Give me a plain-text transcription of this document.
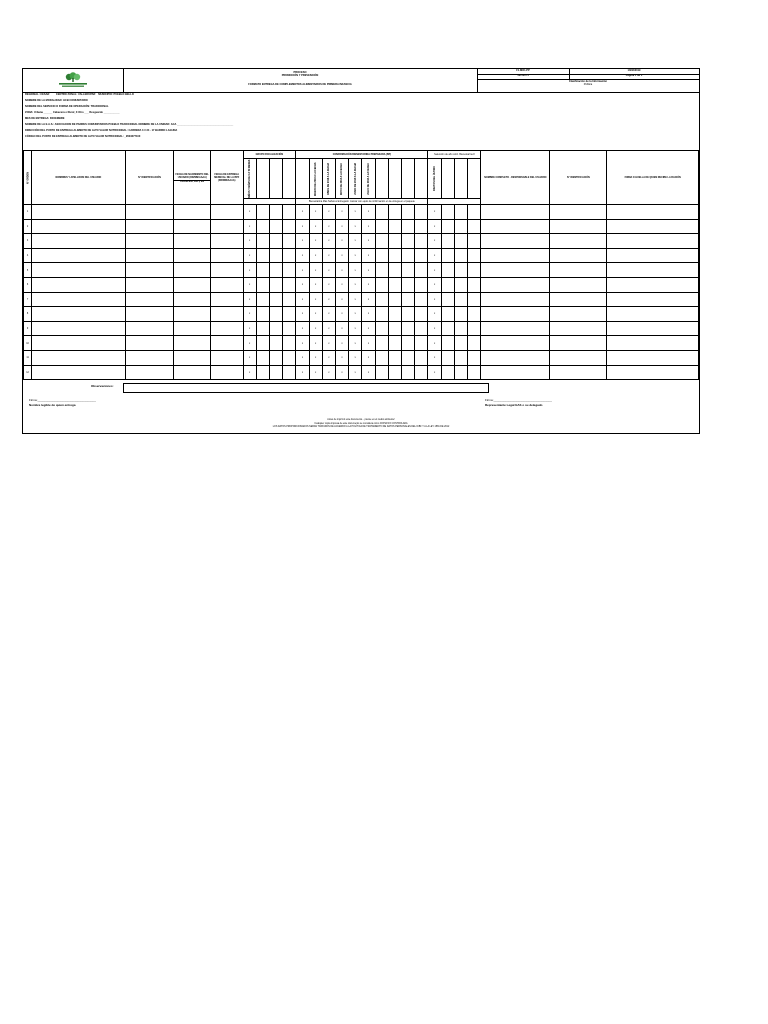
PROCESO
PROMOCIÓN Y PREVENCIÓN
FORMATO ENTREGA DE COMPLEMENTOS ALIMENTARIOS DE PRIMERA INFANCIA
F1.MO1.PP	13/02/2019
Versión 4	Página 1 de 1
Clasificación de la Información
Pública
REGIONAL: CESAR	CENTRO ZONAL: VALLEDUPAR MUNICIPIO: PUEBLO BELLO
NOMBRE DE LA MODALIDAD: HCB COMUNITARIO
NOMBRE DEL SERVICIO O FORMA DE OPERACIÓN: TRADICIONAL
ZONA: Urbana ______ Cabecera o Rural_X Otro ___ Resguardo ___________
MES DE ENTREGA: DICIEMBRE
NOMBRE DE LA E.A.S.: ASOCIACION DE PADRES COMUNITARIOS PUEBLO TRADICIONAL NOMBRE DE LA UNIDAD: ACA _______________________________________
DIRECCIÓN DEL PUNTO DE ENTREGA ALIMENTO DE ALTO VALOR NUTRICIONAL: CARRERA 3 # 34 - 17 BARRIO LAGUNA
CÓDIGO DEL PUNTO DE ENTREGA ALIMENTO DE ALTO VALOR NUTRICIONAL: _2603377100
N° ORDEN	NOMBRES Y APELLIDOS DEL USUARIO	N° IDENTIFICACIÓN	FECHA DE NACIMIENTO DEL USUARIO (DD/MM/AAAA)
Escriba año, mes y día	FECHA DE ENTREGA MENSUAL DE LA BPF (DD/MM/AAAA)	GRUPO FOCALIZACIÓN				CONFIRMACIÓN BIENESTARINA PREPARADA (BP)										Selección de año cotiz. Bienestarina #				NOMBRE COMPLETO - RESPONSABLE DEL USUARIO	N° IDENTIFICACIÓN	FIRMA O HUELLA DE QUIEN RECIBE LA RACIÓN
					NIÑOS Y NIÑAS DE 6 A 59 MESES					MARZO DE 2018 A LA FECHA	ABRIL DE 2018 A LA FECHA	MAYO DE 2018 A LA FECHA	JUNIO DE 2018 A LA FECHA	JULIO DE 2018 A LA FECHA					DIGITOS DEL ÚLTIMO						
									Bienestarina Mas Sabores Entregado: marcar con equis la confirmación en la entrega en el paquete																
1					x				x	x	x	x	x	x					x						
2					x				x	x	x	x	x	x					x						
3					x				x	x	x	x	x	x					x						
4					x				x	x	x	x	x	x					x						
5					x				x	x	x	x	x	x					x						
6					x				x	x	x	x	x	x					x						
7					x				x	x	x	x	x	x					x						
8					x				x	x	x	x	x	x					x						
9					x				x	x	x	x	x	x					x						
10					x				x	x	x	x	x	x					x						
11					x				x	x	x	x	x	x					x						
12					x				x	x	x	x	x	x					x						
Observaciones:
Firma:___________________________________
Nombre legible de quien entrega
Firma:___________________________________
Representante Legal EAS o su delegado
Antes de imprimir este documento... piense en el medio ambiente!
Cualquier copia impresa de este documento se considera como COPIA NO CONTROLADA
LOS DATOS PROPORCIONADOS SERAN TRATADOS DE ACUERDO A LA POLÍTICA DE TRATAMIENTO DE DATOS PERSONALES DEL ICBF Y A LA LEY 1581 DE 2012
